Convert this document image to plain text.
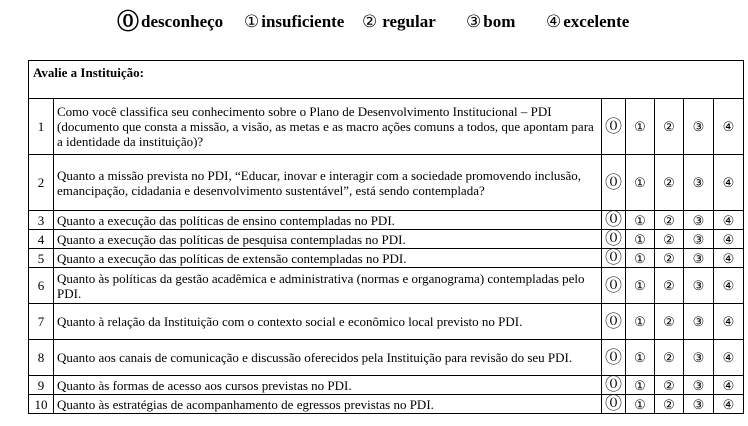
⓪ desconheço ① insuficiente ② regular ③ bom ④ excelente
Avalie a Instituição:						
1	Como você classifica seu conhecimento sobre o Plano de Desenvolvimento Institucional – PDI (documento que consta a missão, a visão, as metas e as macro ações comuns a todos, que apontam para a identidade da instituição)?	⓪	①	②	③	④
2	Quanto a missão prevista no PDI, “Educar, inovar e interagir com a sociedade promovendo inclusão, emancipação, cidadania e desenvolvimento sustentável”, está sendo contemplada?	⓪	①	②	③	④
3	Quanto a execução das políticas de ensino contempladas no PDI.	⓪	①	②	③	④
4	Quanto a execução das políticas de pesquisa contempladas no PDI.	⓪	①	②	③	④
5	Quanto a execução das políticas de extensão contempladas no PDI.	⓪	①	②	③	④
6	Quanto às políticas da gestão acadêmica e administrativa (normas e organograma) contempladas pelo PDI.	⓪	①	②	③	④
7	Quanto à relação da Instituição com o contexto social e econômico local previsto no PDI.	⓪	①	②	③	④
8	Quanto aos canais de comunicação e discussão oferecidos pela Instituição para revisão do seu PDI.	⓪	①	②	③	④
9	Quanto às formas de acesso aos cursos previstas no PDI.	⓪	①	②	③	④
10	Quanto às estratégias de acompanhamento de egressos previstas no PDI.	⓪	①	②	③	④
